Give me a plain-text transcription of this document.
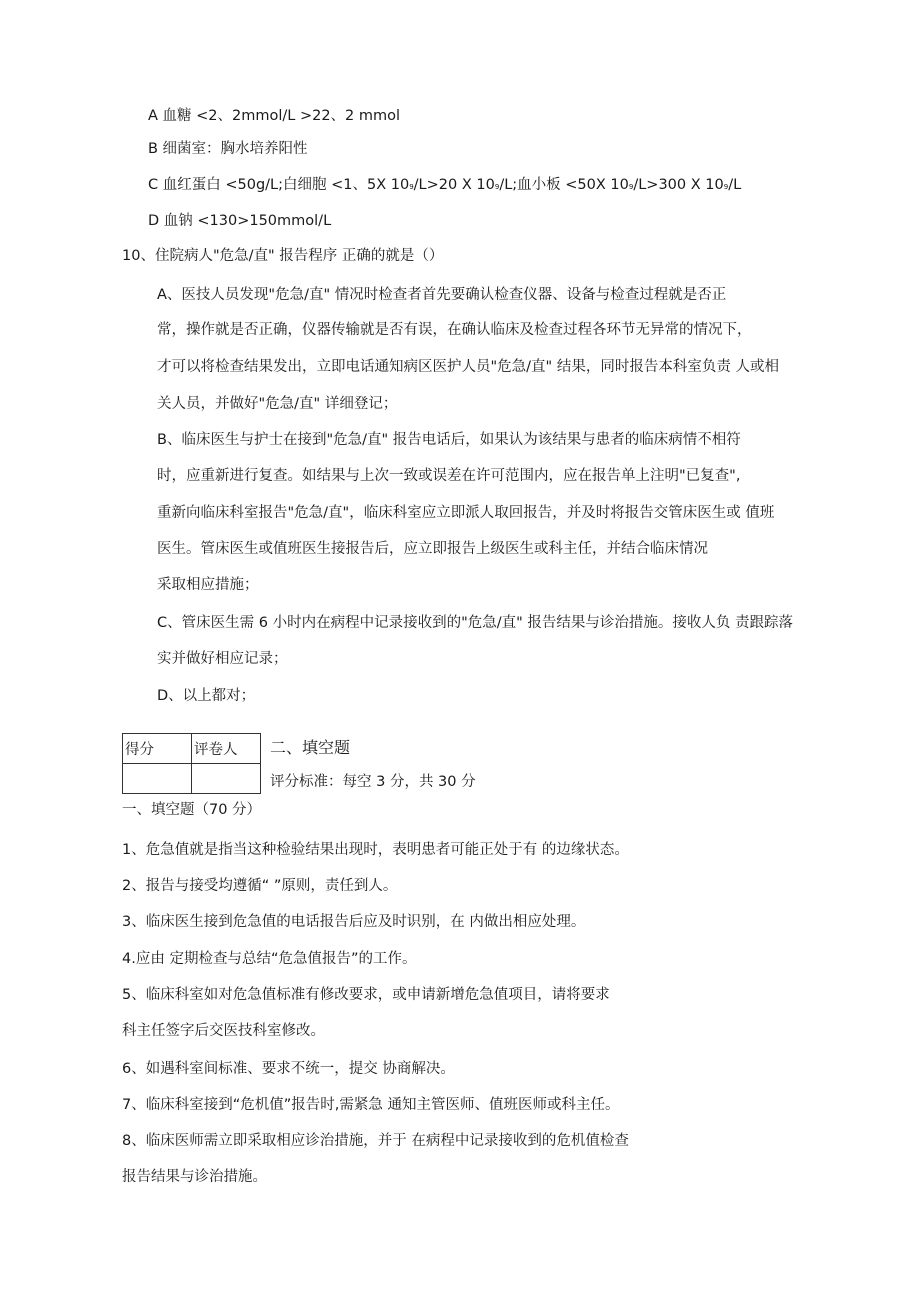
A 血糖 <2、2mmol/L >22、2 mmol

B 细菌室：胸水培养阳性

C 血红蛋白 <50g/L;白细胞 <1、5X 109/L>20 X 109/L;血小板 <50X 109/L>300 X 109/L

D 血钠 <130>150mmol/L

10、住院病人"危急/直" 报告程序 正确的就是（）

A、医技人员发现"危急/直" 情况时检查者首先要确认检查仪器、设备与检查过程就是否正

常，操作就是否正确，仪器传输就是否有误，在确认临床及检查过程各环节无异常的情况下，

才可以将检查结果发出，立即电话通知病区医护人员"危急/直" 结果，同时报告本科室负责 人或相

关人员，并做好"危急/直" 详细登记；

B、临床医生与护士在接到"危急/直" 报告电话后，如果认为该结果与患者的临床病情不相符

时，应重新进行复查。如结果与上次一致或误差在许可范围内，应在报告单上注明"已复查",

重新向临床科室报告"危急/直"，临床科室应立即派人取回报告，并及时将报告交管床医生或 值班

医生。管床医生或值班医生接报告后，应立即报告上级医生或科主任，并结合临床情况

采取相应措施；

C、管床医生需 6 小时内在病程中记录接收到的"危急/直" 报告结果与诊治措施。接收人负 责跟踪落

实并做好相应记录；

D、以上都对；

得分	评卷人
	二、填空题

评分标准：每空 3 分，共 30 分

一、填空题（70 分）

1、危急值就是指当这种检验结果出现时，表明患者可能正处于有 的边缘状态。

2、报告与接受均遵循“ ”原则，责任到人。

3、临床医生接到危急值的电话报告后应及时识别，在 内做出相应处理。

4.应由 定期检查与总结“危急值报告”的工作。

5、临床科室如对危急值标准有修改要求，或申请新增危急值项目，请将要求

科主任签字后交医技科室修改。

6、如遇科室间标准、要求不统一，提交 协商解决。

7、临床科室接到“危机值”报告时,需紧急 通知主管医师、值班医师或科主任。

8、临床医师需立即采取相应诊治措施，并于 在病程中记录接收到的危机值检查

报告结果与诊治措施。
